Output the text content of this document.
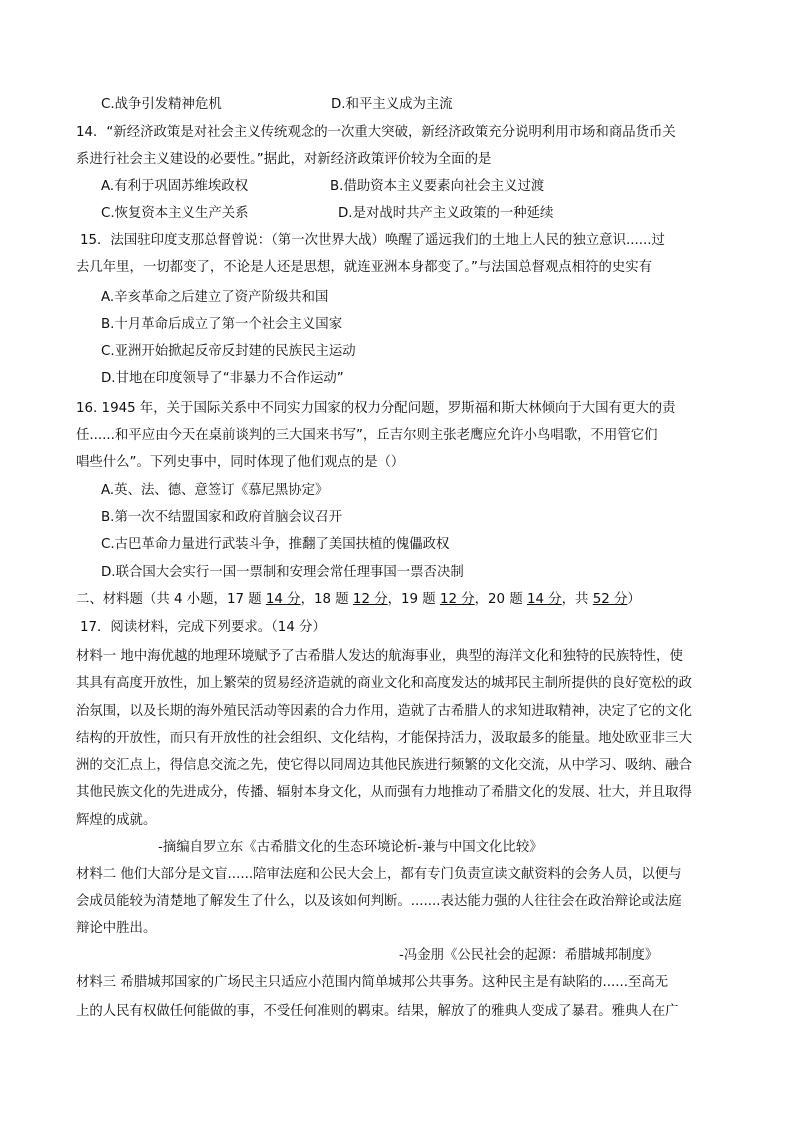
C.战争引发精神危机	D.和平主义成为主流
14．“新经济政策是对社会主义传统观念的一次重大突破，新经济政策充分说明利用市场和商品货币关
系进行社会主义建设的必要性。”据此，对新经济政策评价较为全面的是
A.有利于巩固苏维埃政权	B.借助资本主义要素向社会主义过渡
C.恢复资本主义生产关系	D.是对战时共产主义政策的一种延续
15．法国驻印度支那总督曾说：（第一次世界大战）唤醒了遥远我们的土地上人民的独立意识......过
去几年里，一切都变了，不论是人还是思想，就连亚洲本身都变了。”与法国总督观点相符的史实有
A.辛亥革命之后建立了资产阶级共和国
B.十月革命后成立了第一个社会主义国家
C.亚洲开始掀起反帝反封建的民族民主运动
D.甘地在印度领导了“非暴力不合作运动”
16. 1945 年，关于国际关系中不同实力国家的权力分配问题，罗斯福和斯大林倾向于大国有更大的责
任......和平应由今天在桌前谈判的三大国来书写”，丘吉尔则主张老鹰应允许小鸟唱歌，不用管它们
唱些什么”。下列史事中，同时体现了他们观点的是（）
A.英、法、德、意签订《慕尼黑协定》
B.第一次不结盟国家和政府首脑会议召开
C.古巴革命力量进行武装斗争，推翻了美国扶植的傀儡政权
D.联合国大会实行一国一票制和安理会常任理事国一票否决制
二、材料题（共 4 小题，17 题 14 分，18 题 12 分，19 题 12 分，20 题 14 分，共 52 分）
17．阅读材料，完成下列要求。（14 分）
材料一 地中海优越的地理环境赋予了古希腊人发达的航海事业，典型的海洋文化和独特的民族特性，使
其具有高度开放性，加上繁荣的贸易经济造就的商业文化和高度发达的城邦民主制所提供的良好宽松的政
治氛围，以及长期的海外殖民活动等因素的合力作用，造就了古希腊人的求知进取精神，决定了它的文化
结构的开放性，而只有开放性的社会组织、文化结构，才能保持活力，汲取最多的能量。地处欧亚非三大
洲的交汇点上，得信息交流之先，使它得以同周边其他民族进行频繁的文化交流，从中学习、吸纳、融合
其他民族文化的先进成分，传播、辐射本身文化，从而强有力地推动了希腊文化的发展、壮大，并且取得
辉煌的成就。
-摘编自罗立东《古希腊文化的生态环境论析-兼与中国文化比较》
材料二 他们大部分是文盲......陪审法庭和公民大会上，都有专门负责宣读文献资料的会务人员，以便与
会成员能较为清楚地了解发生了什么，以及该如何判断。.......表达能力强的人往往会在政治辩论或法庭
辩论中胜出。
-冯金朋《公民社会的起源：希腊城邦制度》
材料三 希腊城邦国家的广场民主只适应小范围内简单城邦公共事务。这种民主是有缺陷的......至高无
上的人民有权做任何能做的事，不受任何准则的羁束。结果，解放了的雅典人变成了暴君。雅典人在广
